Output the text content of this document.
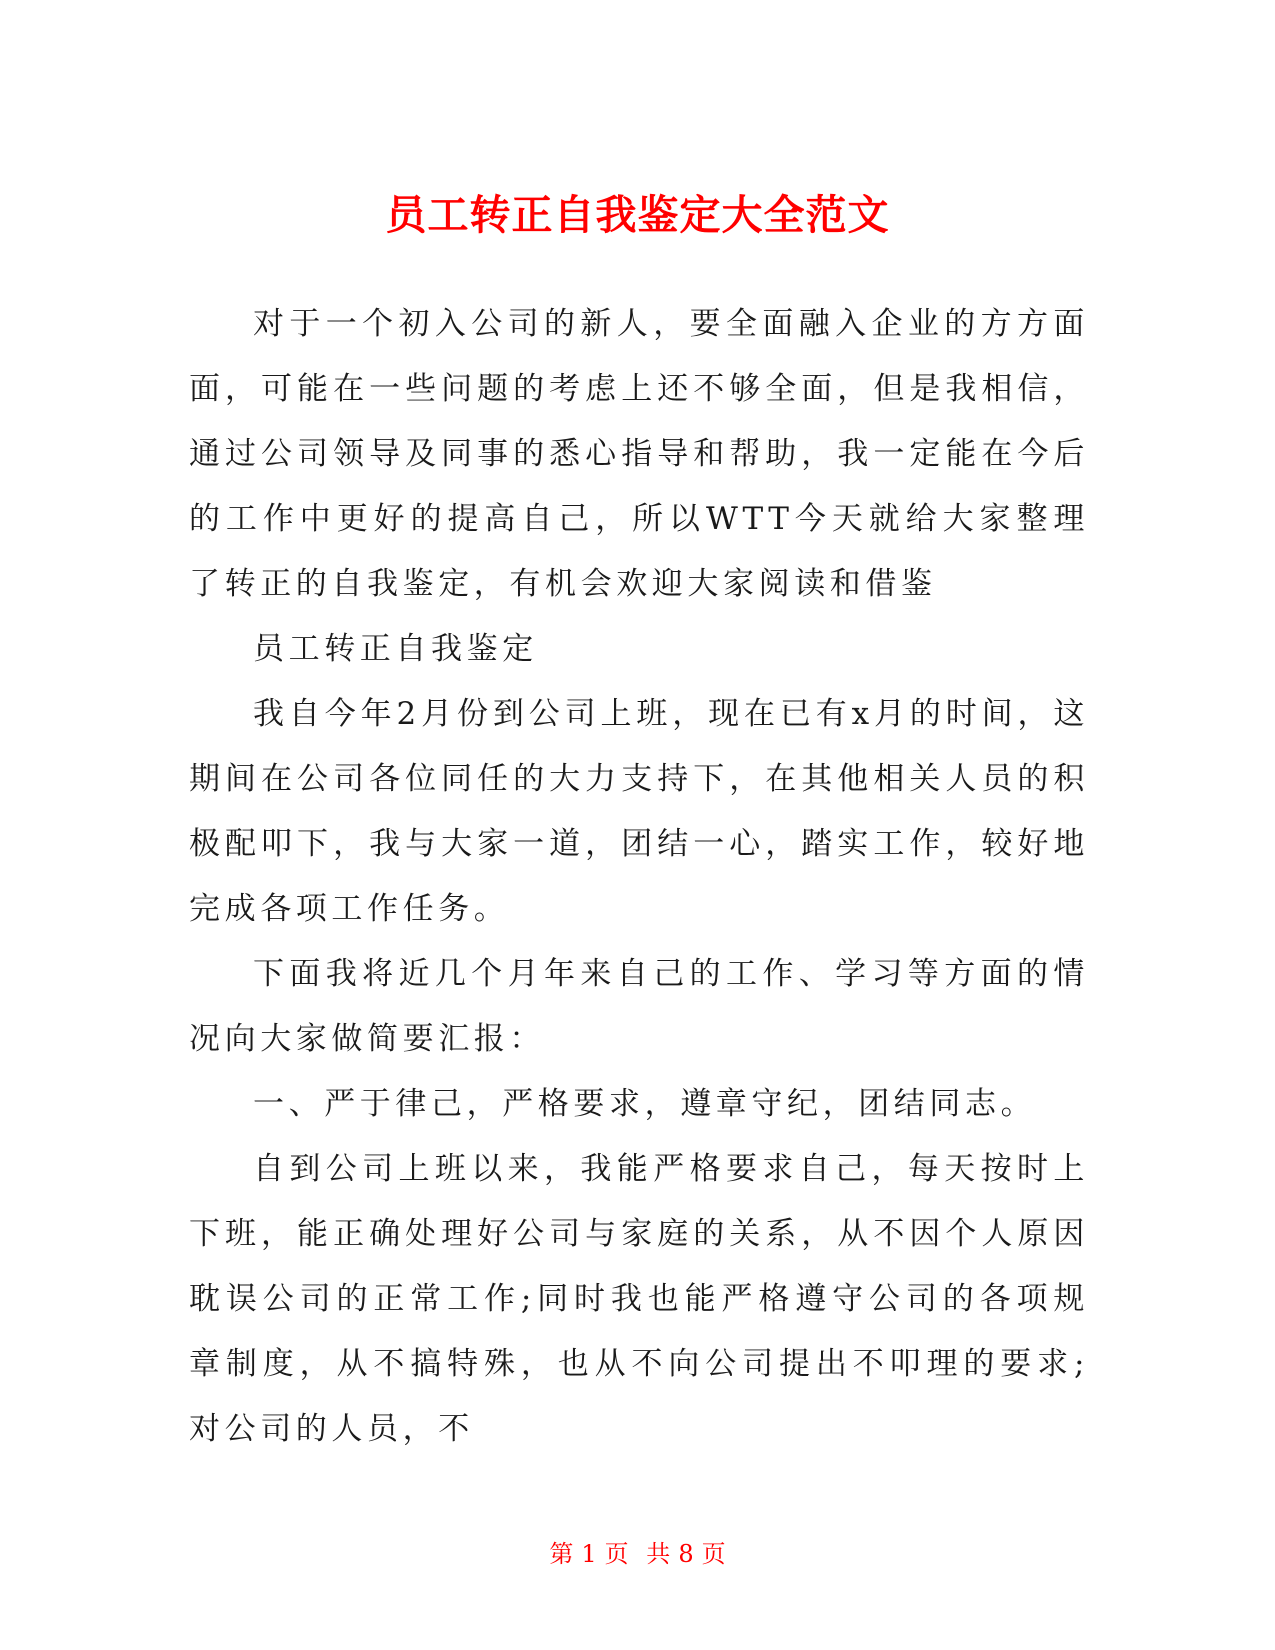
员工转正自我鉴定大全范文

对于一个初入公司的新人，要全面融入企业的方方面面，可能在一些问题的考虑上还不够全面，但是我相信，通过公司领导及同事的悉心指导和帮助，我一定能在今后的工作中更好的提高自己，所以WTT今天就给大家整理了转正的自我鉴定，有机会欢迎大家阅读和借鉴

员工转正自我鉴定

我自今年2月份到公司上班，现在已有x月的时间，这期间在公司各位同任的大力支持下，在其他相关人员的积极配叩下，我与大家一道，团结一心，踏实工作，较好地完成各项工作任务。

下面我将近几个月年来自己的工作、学习等方面的情况向大家做简要汇报：

一、严于律己，严格要求，遵章守纪，团结同志。

自到公司上班以来，我能严格要求自己，每天按时上下班，能正确处理好公司与家庭的关系，从不因个人原因耽误公司的正常工作;同时我也能严格遵守公司的各项规章制度，从不搞特殊，也从不向公司提出不叩理的要求;对公司的人员，不

第 1 页 共 8 页
